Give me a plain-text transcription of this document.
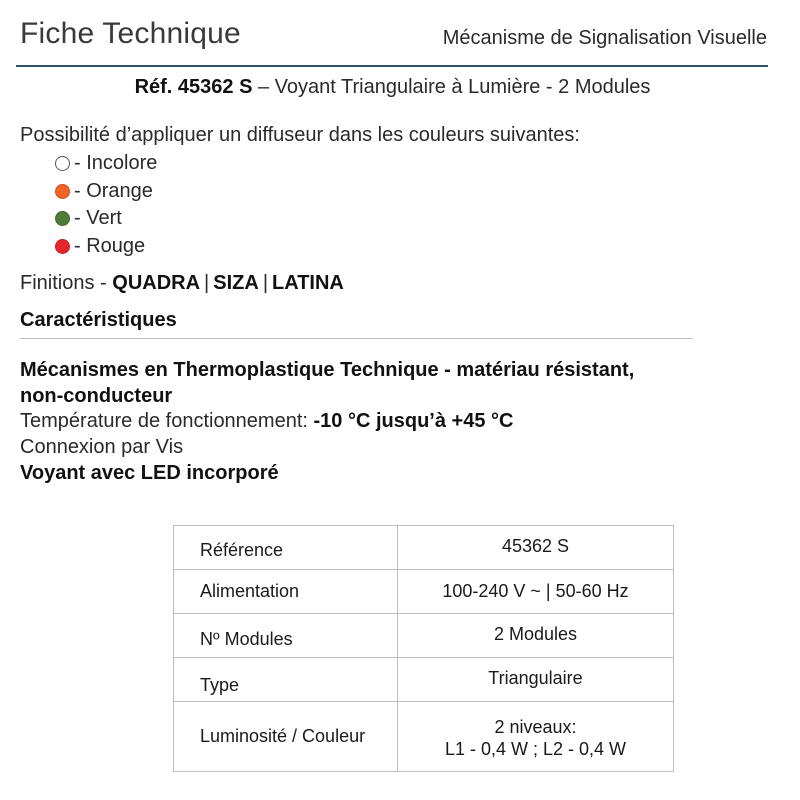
Fiche Technique	Mécanisme de Signalisation Visuelle
Réf. 45362 S – Voyant Triangulaire à Lumière - 2 Modules
Possibilité d’appliquer un diffuseur dans les couleurs suivantes:
- Incolore
- Orange
- Vert
- Rouge
Finitions - QUADRA | SIZA | LATINA
Caractéristiques
Mécanismes en Thermoplastique Technique - matériau résistant,
non-conducteur
Température de fonctionnement: -10 °C jusqu’à +45 °C
Connexion par Vis
Voyant avec LED incorporé
Référence	45362 S
Alimentation	100-240 V ~ | 50-60 Hz
Nº Modules	2 Modules
Type	Triangulaire
Luminosité / Couleur	2 niveaux:
L1 - 0,4 W ; L2 - 0,4 W
